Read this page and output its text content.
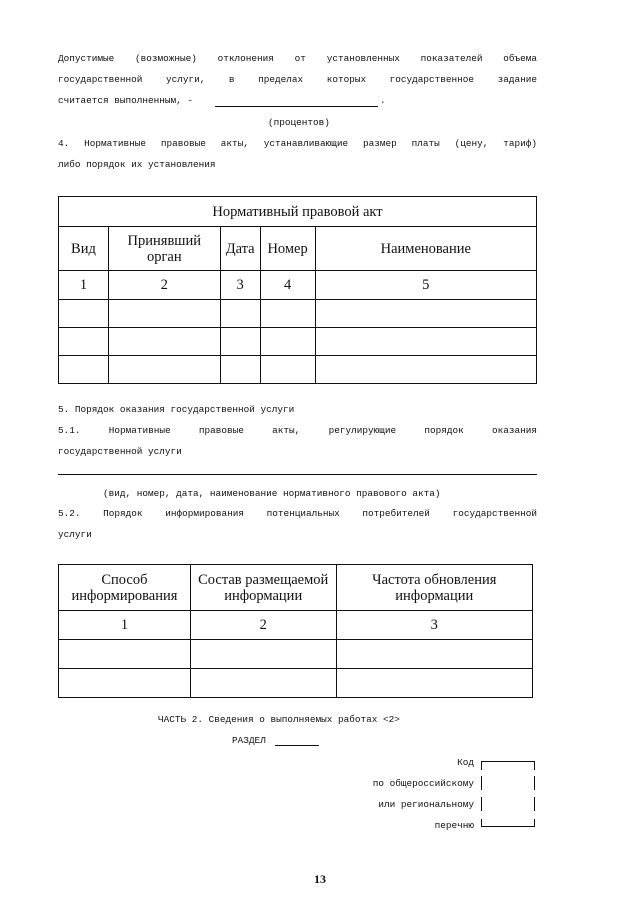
Допустимые (возможные) отклонения от установленных показателей объема
государственной услуги, в пределах которых государственное задание
считается выполненным, -	.
(процентов)
4. Нормативные правовые акты, устанавливающие размер платы (цену, тариф)
либо порядок их установления
Нормативный правовой акт				
Вид	Принявший орган	Дата	Номер	Наименование
1	2	3	4	5

5. Порядок оказания государственной услуги
5.1. Нормативные правовые акты, регулирующие порядок оказания
государственной услуги
(вид, номер, дата, наименование нормативного правового акта)
5.2. Порядок информирования потенциальных потребителей государственной
услуги
Способ информирования	Состав размещаемой информации	Частота обновления информации
1	2	3

ЧАСТЬ 2. Сведения о выполняемых работах <2>
РАЗДЕЛ
Код
по общероссийскому
или региональному
перечню
13
